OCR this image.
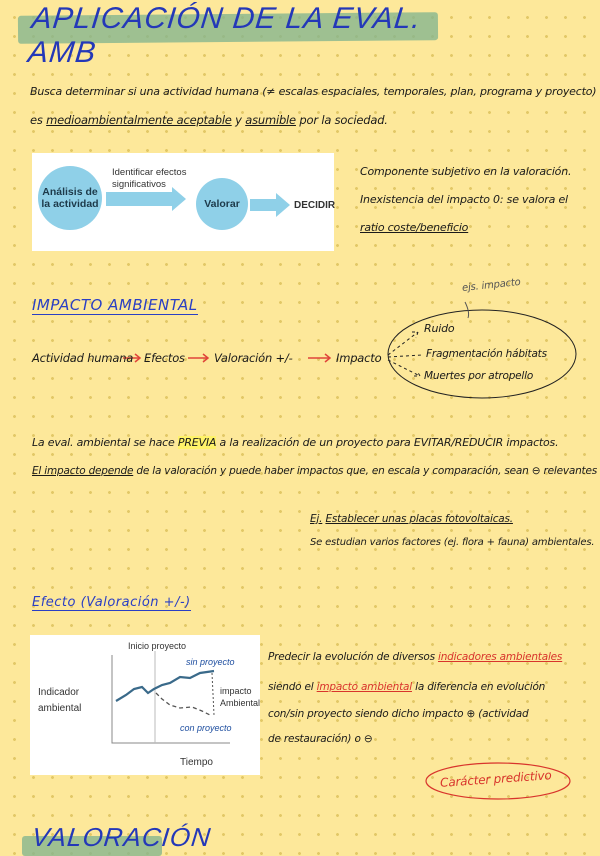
APLICACIÓN DE LA EVAL. AMB
Busca determinar si una actividad humana (≠ escalas espaciales, temporales, plan, programa y proyecto)
es medioambientalmente aceptable y asumible por la sociedad.
Análisis de la actividad
Identificar efectos significativos
Valorar	DECIDIR
Componente subjetivo en la valoración.
Inexistencia del impacto 0: se valora el
ratio coste/beneficio
IMPACTO AMBIENTAL
ejs. impacto
Actividad humana Efectos	Valoración +/-	Impacto
Ruido
Fragmentación hábitats
Muertes por atropello
La eval. ambiental se hace PREVIA a la realización de un proyecto para EVITAR/REDUCIR impactos.
El impacto depende de la valoración y puede haber impactos que, en escala y comparación, sean ⊖ relevantes
Ej. Establecer unas placas fotovoltaicas.
Se estudian varios factores (ej. flora + fauna) ambientales.
Efecto (Valoración +/-)
Indicador ambiental
Inicio proyecto
sin proyecto
impacto Ambiental
con proyecto
Tiempo
Predecir la evolución de diversos indicadores ambientales
siendo el impacto ambiental la diferencia en evolución
con/sin proyecto siendo dicho impacto ⊕ (actividad
de restauración) o ⊖
Carácter predictivo
VALORACIÓN
